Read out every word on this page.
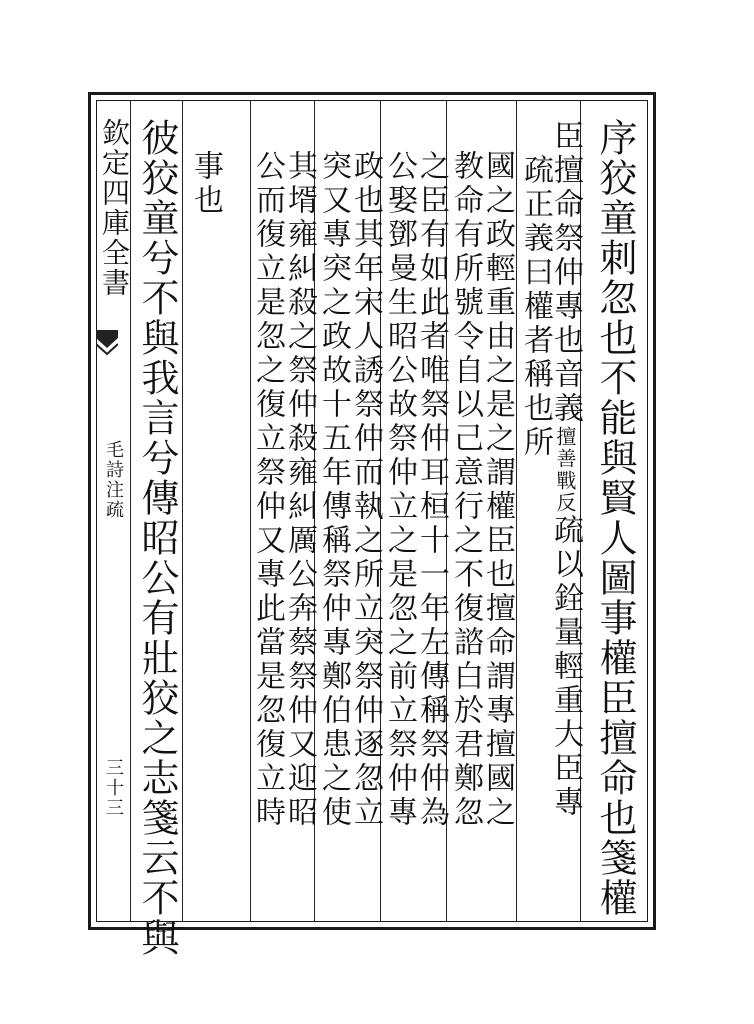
欽定四庫全書
毛詩注疏
三十三	序狡童刺忽也不能與賢人圖事權臣擅命也箋權
臣擅命祭仲專也音義擅善戰反疏以銓量輕重大臣專
疏正義曰權者稱也所
國之政輕重由之是之謂權臣也擅命謂專擅國之
教命有所號令自以己意行之不復諮白於君鄭忽
之臣有如此者唯祭仲耳桓十一年左傳稱祭仲為
公娶鄧曼生昭公故祭仲立之是忽之前立祭仲專
政也其年宋人誘祭仲而執之所立突祭仲逐忽立
突又專突之政故十五年傳稱祭仲專鄭伯患之使
其壻雍糾殺之祭仲殺雍糾厲公奔蔡祭仲又迎昭
公而復立是忽之復立祭仲又專此當是忽復立時
事也
彼狡童兮不與我言兮傳昭公有壯狡之志箋云不與
